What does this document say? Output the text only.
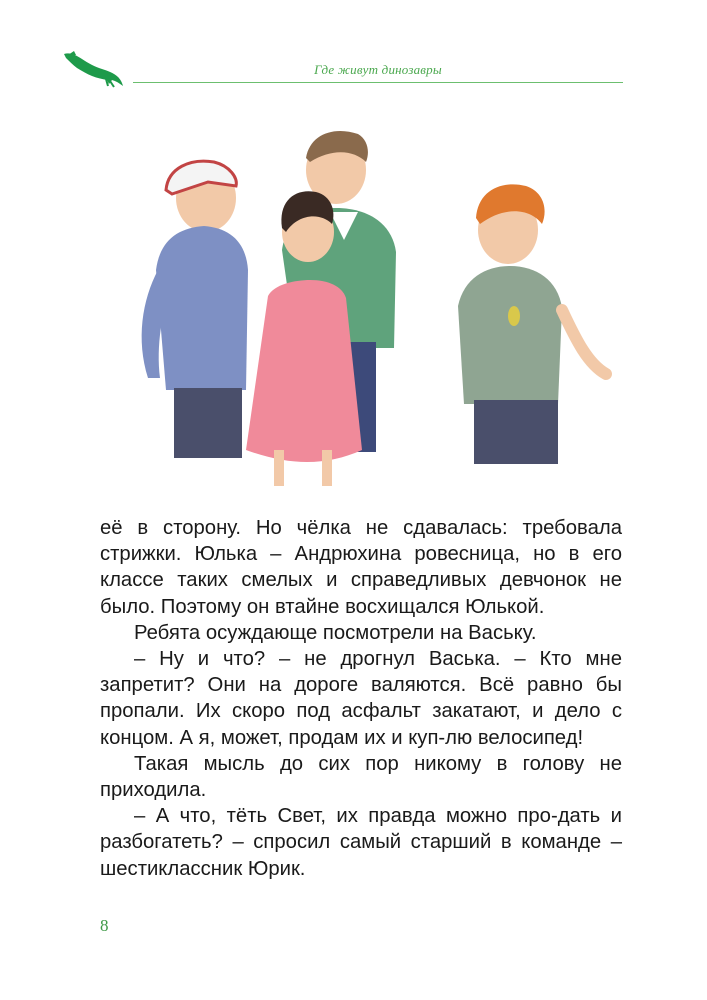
Где живут динозавры

её в сторону. Но чёлка не сдавалась: требовала стрижки. Юлька – Андрюхина ровесница, но в его классе таких смелых и справедливых девчонок не было. Поэтому он втайне восхищался Юлькой.

Ребята осуждающе посмотрели на Ваську.

– Ну и что? – не дрогнул Васька. – Кто мне запретит? Они на дороге валяются. Всё равно бы пропали. Их скоро под асфальт закатают, и дело с концом. А я, может, продам их и куп-лю велосипед!

Такая мысль до сих пор никому в голову не приходила.

– А что, тёть Свет, их правда можно про-дать и разбогатеть? – спросил самый старший в команде – шестиклассник Юрик.

8
